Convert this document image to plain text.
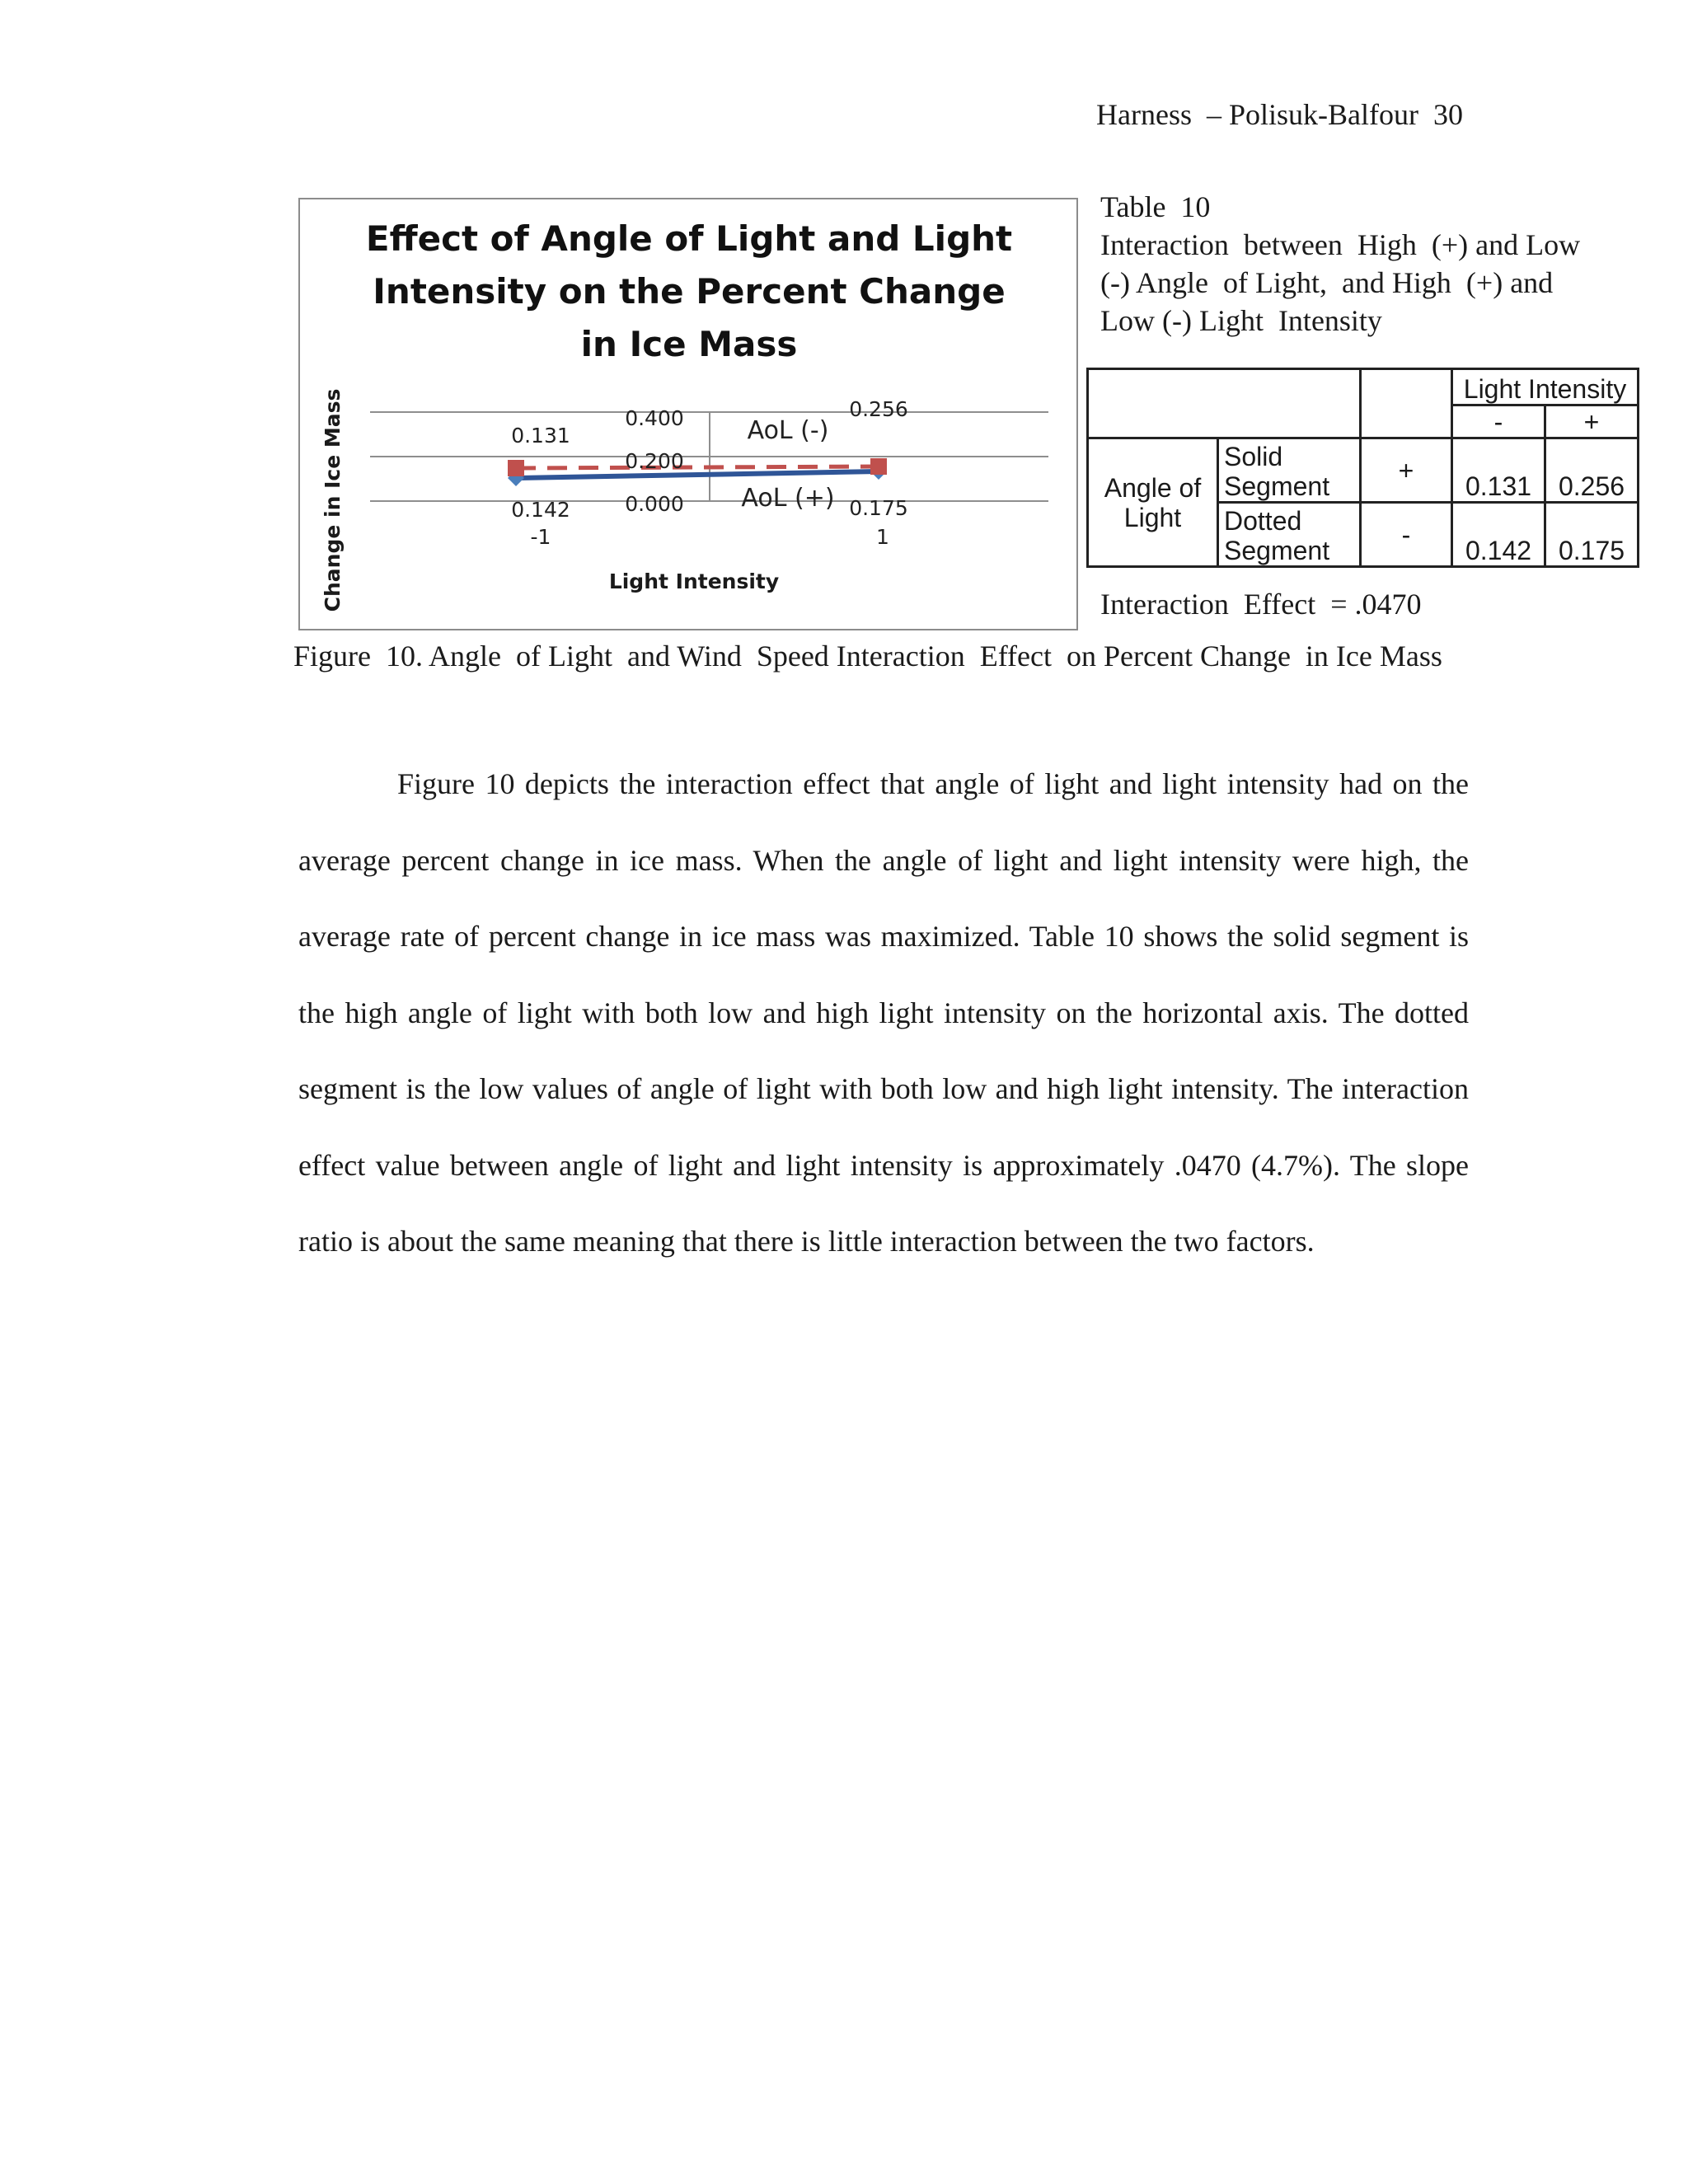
Harness  – Polisuk-Balfour  30
Effect of Angle of Light and Light
Intensity on the Percent Change
in Ice Mass
Change in Ice Mass	Light Intensity
0.131
0.256
0.142	0.175
0.400
0.200
0.000
-1	1
AoL (-)
AoL (+)
Table  10
Interaction  between  High  (+) and Low
(-) Angle  of Light,  and High  (+) and
Low (-) Light  Intensity
			Light Intensity	
			-	+
Angle of Light	Solid Segment	+	0.131	0.256
	Dotted Segment	-	0.142	0.175
Interaction  Effect  = .0470
Figure  10. Angle  of Light  and Wind  Speed Interaction  Effect  on Percent Change  in Ice Mass

Figure 10 depicts the interaction effect that angle of light and light intensity had on the average percent change in ice mass. When the angle of light and light intensity were high, the average rate of percent change in ice mass was maximized. Table 10 shows the solid segment is the high angle of light with both low and high light intensity on the horizontal axis. The dotted segment is the low values of angle of light with both low and high light intensity. The interaction effect value between angle of light and light intensity is approximately .0470 (4.7%). The slope ratio is about the same meaning that there is little interaction between the two factors.
